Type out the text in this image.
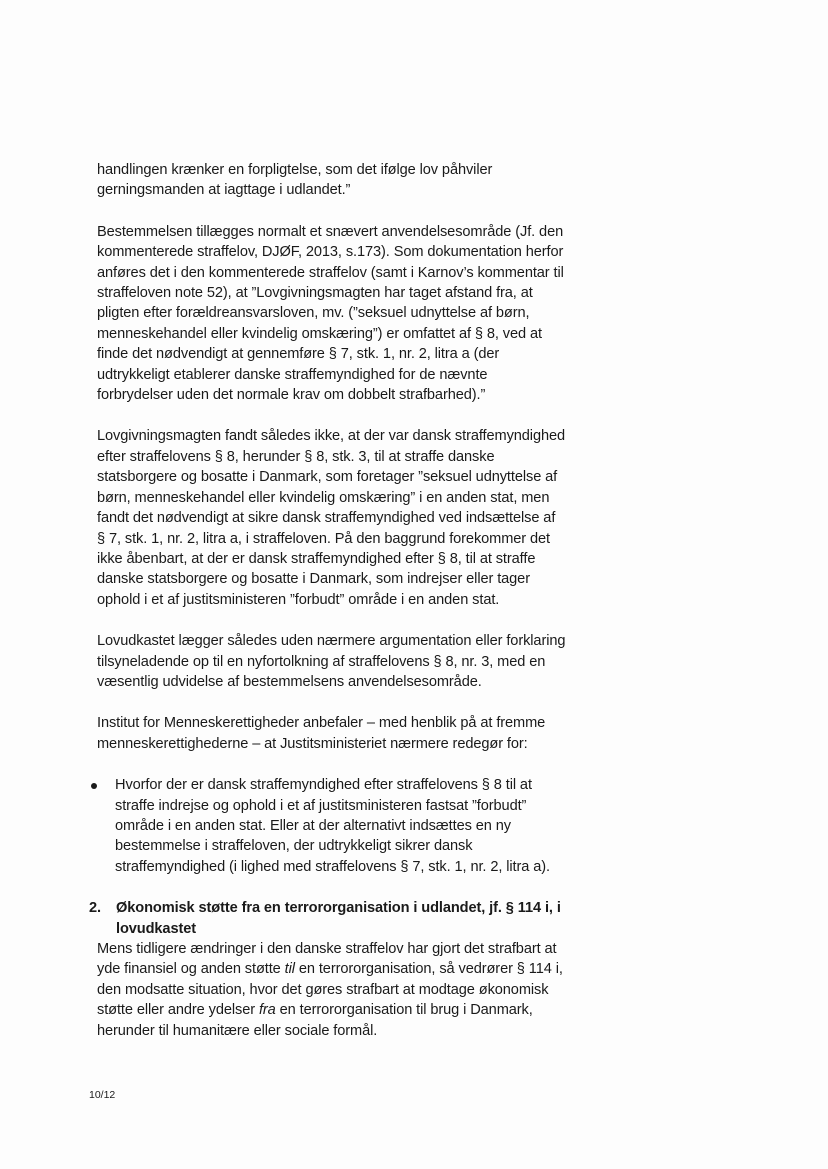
handlingen krænker en forpligtelse, som det ifølge lov påhviler gerningsmanden at iagttage i udlandet.”

Bestemmelsen tillægges normalt et snævert anvendelsesområde (Jf. den kommenterede straffelov, DJØF, 2013, s.173). Som dokumentation herfor anføres det i den kommenterede straffelov (samt i Karnov’s kommentar til straffeloven note 52), at ”Lovgivningsmagten har taget afstand fra, at pligten efter forældreansvarsloven, mv. (”seksuel udnyttelse af børn, menneskehandel eller kvindelig omskæring”) er omfattet af § 8, ved at finde det nødvendigt at gennemføre § 7, stk. 1, nr. 2, litra a (der udtrykkeligt etablerer danske straffemyndighed for de nævnte forbrydelser uden det normale krav om dobbelt strafbarhed).”

Lovgivningsmagten fandt således ikke, at der var dansk straffemyndighed efter straffelovens § 8, herunder § 8, stk. 3, til at straffe danske statsborgere og bosatte i Danmark, som foretager ”seksuel udnyttelse af børn, menneskehandel eller kvindelig omskæring” i en anden stat, men fandt det nødvendigt at sikre dansk straffemyndighed ved indsættelse af § 7, stk. 1, nr. 2, litra a, i straffeloven. På den baggrund forekommer det ikke åbenbart, at der er dansk straffemyndighed efter § 8, til at straffe danske statsborgere og bosatte i Danmark, som indrejser eller tager ophold i et af justitsministeren ”forbudt” område i en anden stat.

Lovudkastet lægger således uden nærmere argumentation eller forklaring tilsyneladende op til en nyfortolkning af straffelovens § 8, nr. 3, med en væsentlig udvidelse af bestemmelsens anvendelsesområde.

Institut for Menneskerettigheder anbefaler – med henblik på at fremme menneskerettighederne – at Justitsministeriet nærmere redegør for:

Hvorfor der er dansk straffemyndighed efter straffelovens § 8 til at straffe indrejse og ophold i et af justitsministeren fastsat ”forbudt” område i en anden stat. Eller at der alternativt indsættes en ny bestemmelse i straffeloven, der udtrykkeligt sikrer dansk straffemyndighed (i lighed med straffelovens § 7, stk. 1, nr. 2, litra a).
2.	Økonomisk støtte fra en terrororganisation i udlandet, jf. § 114 i, i lovudkastet

Mens tidligere ændringer i den danske straffelov har gjort det strafbart at yde finansiel og anden støtte til en terrororganisation, så vedrører § 114 i, den modsatte situation, hvor det gøres strafbart at modtage økonomisk støtte eller andre ydelser fra en terrororganisation til brug i Danmark, herunder til humanitære eller sociale formål.

10/12
